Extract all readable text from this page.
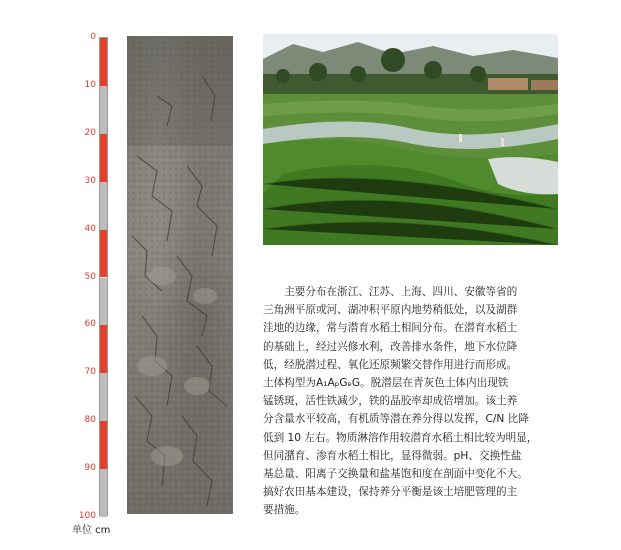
0
10
20
30
40
50
60
70
80
90
100
单位 cm

主要分布在浙江、江苏、上海、四川、安徽等省的

三角洲平原或河、湖冲积平原内地势稍低处，以及湖群

洼地的边缘，常与潜育水稻土相间分布。在潜育水稻土

的基础上，经过兴修水利，改善排水条件，地下水位降

低，经脱潜过程、氧化还原频繁交替作用进行而形成。

土体构型为A₁AₚGₑG。脱潜层在青灰色土体内出现铁

锰锈斑，活性铁减少，铁的晶胶率却成倍增加。该土养

分含量水平较高，有机质等潜在养分得以发挥，C/N 比降

低到 10 左右。物质淋溶作用较潜育水稻土相比较为明显，

但同潴育、渗育水稻土相比，显得微弱。pH、交换性盐

基总量、阳离子交换量和盐基饱和度在剖面中变化不大。

搞好农田基本建设，保持养分平衡是该土培肥管理的主

要措施。
